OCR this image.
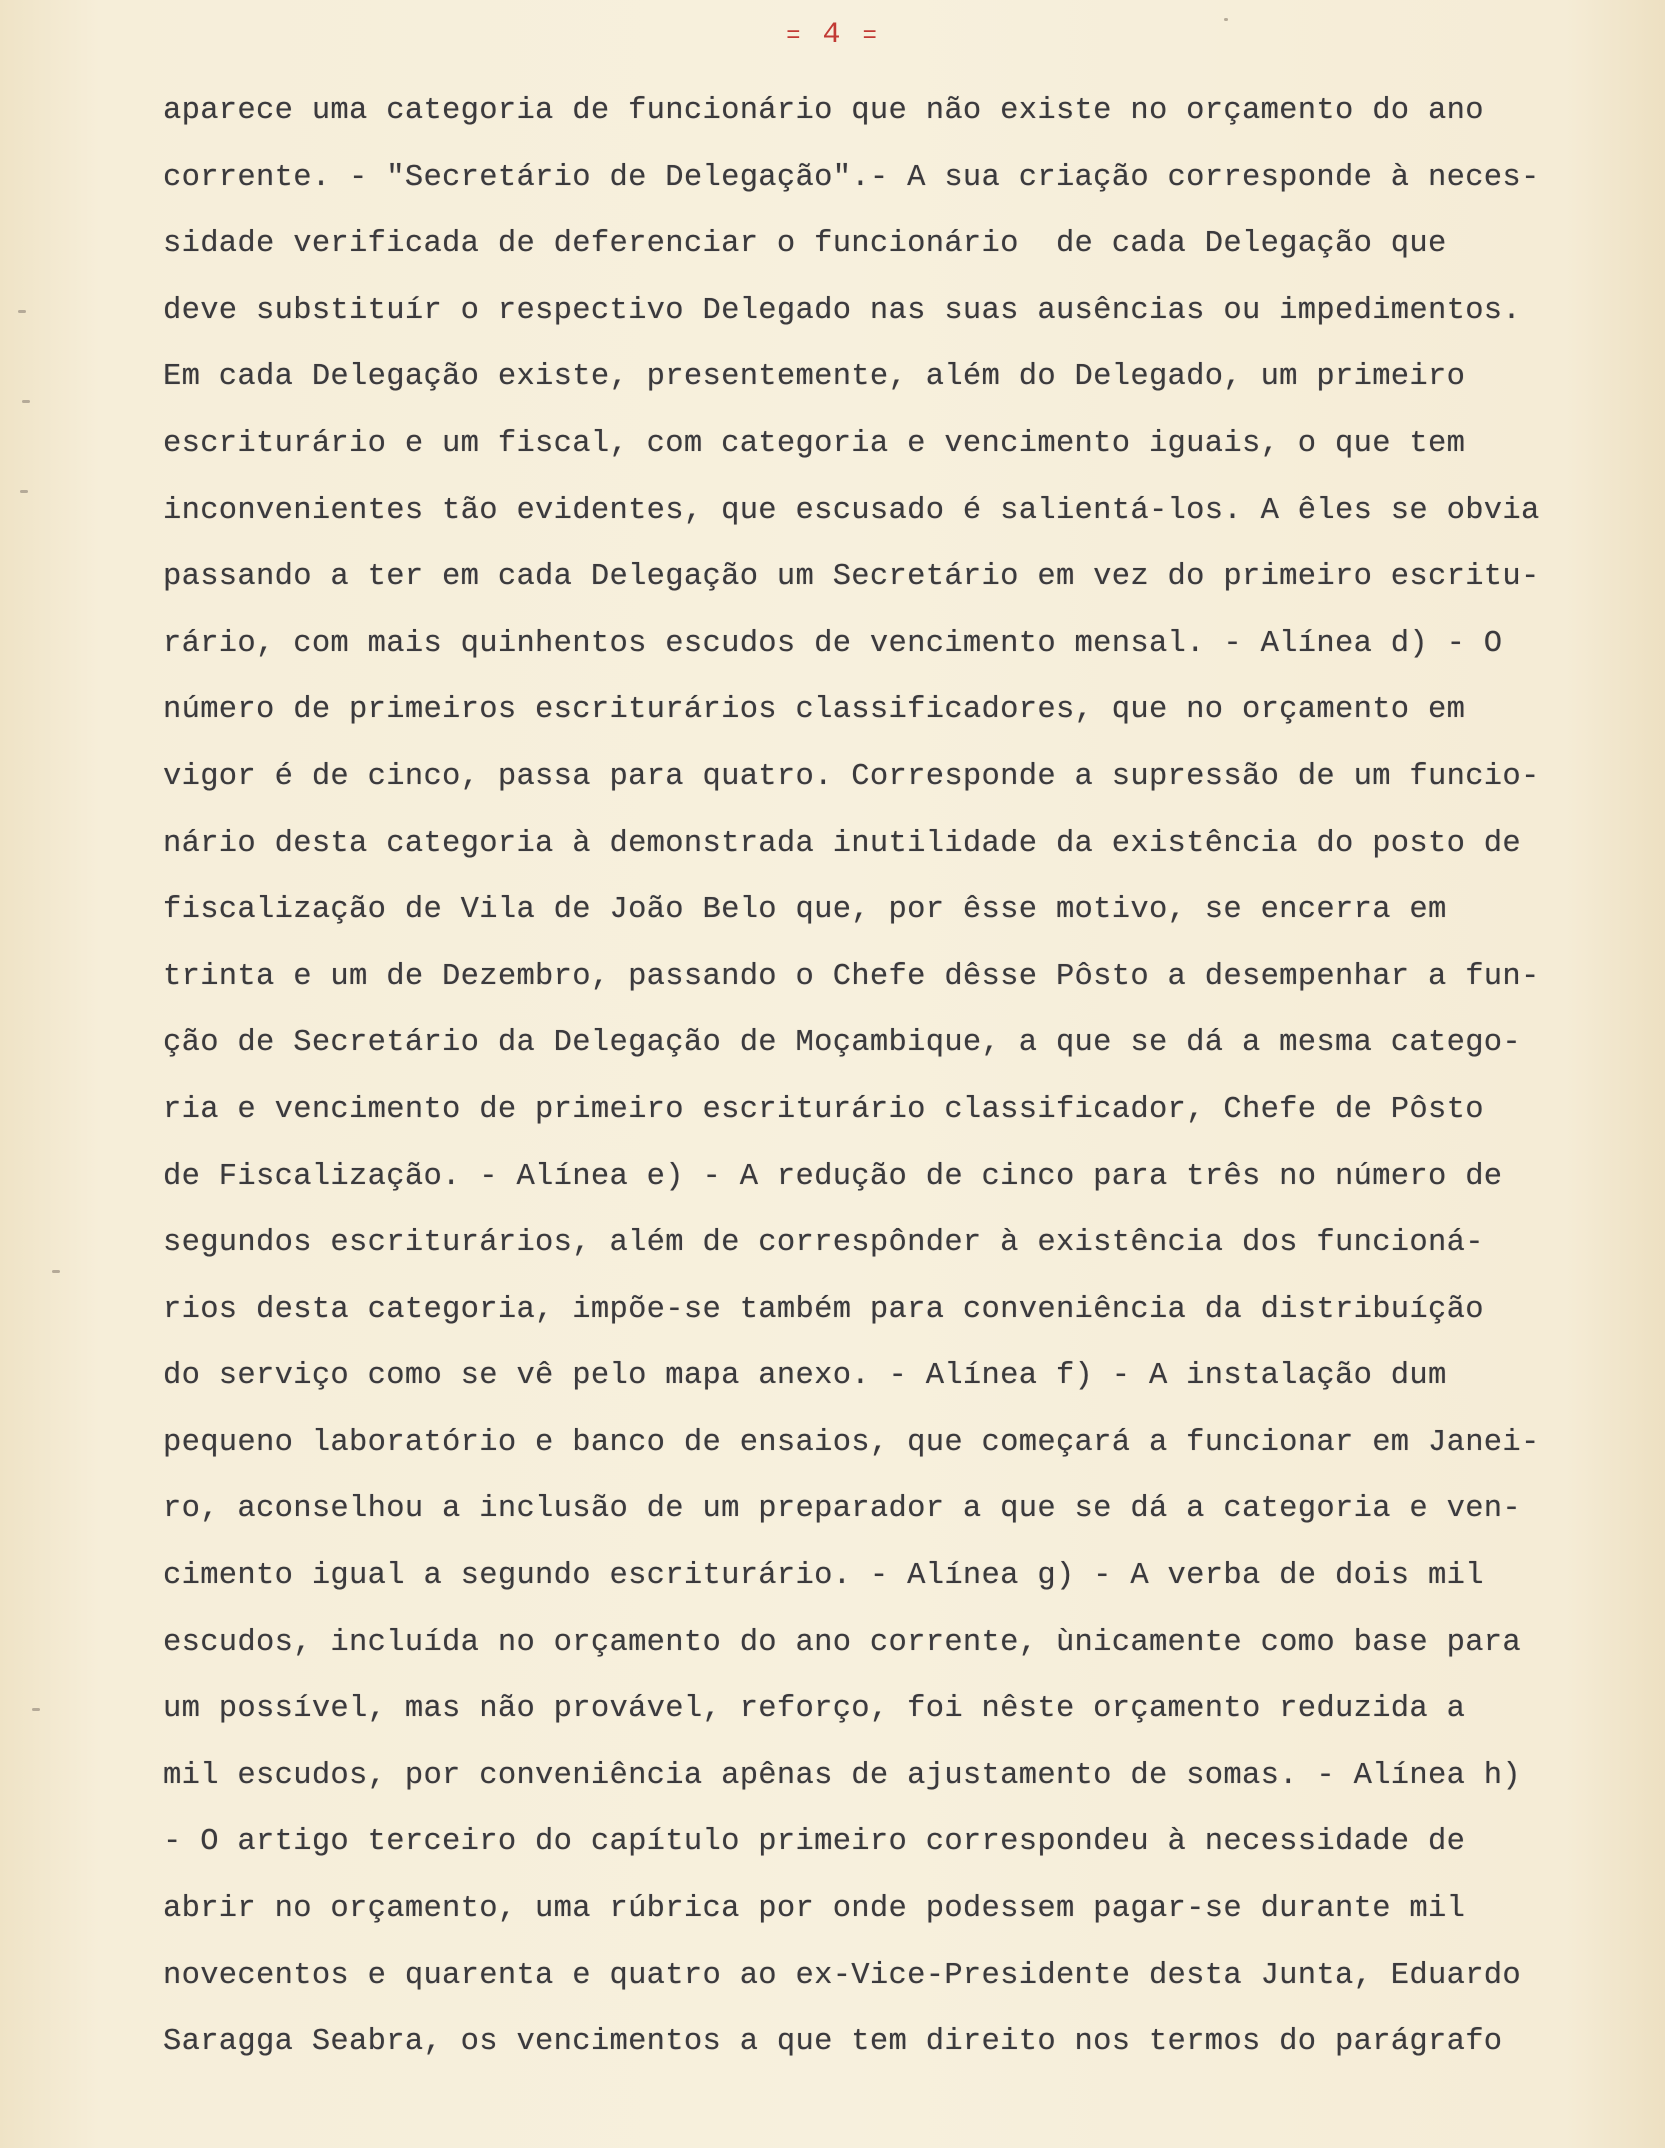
= 4 =
aparece uma categoria de funcionário que não existe no orçamento do ano
corrente. - "Secretário de Delegação".- A sua criação corresponde à neces-
sidade verificada de deferenciar o funcionário  de cada Delegação que
deve substituír o respectivo Delegado nas suas ausências ou impedimentos.
Em cada Delegação existe, presentemente, além do Delegado, um primeiro
escriturário e um fiscal, com categoria e vencimento iguais, o que tem
inconvenientes tão evidentes, que escusado é salientá-los. A êles se obvia
passando a ter em cada Delegação um Secretário em vez do primeiro escritu-
rário, com mais quinhentos escudos de vencimento mensal. - Alínea d) - O
número de primeiros escriturários classificadores, que no orçamento em
vigor é de cinco, passa para quatro. Corresponde a supressão de um funcio-
nário desta categoria à demonstrada inutilidade da existência do posto de
fiscalização de Vila de João Belo que, por êsse motivo, se encerra em
trinta e um de Dezembro, passando o Chefe dêsse Pôsto a desempenhar a fun-
ção de Secretário da Delegação de Moçambique, a que se dá a mesma catego-
ria e vencimento de primeiro escriturário classificador, Chefe de Pôsto
de Fiscalização. - Alínea e) - A redução de cinco para três no número de
segundos escriturários, além de correspônder à existência dos funcioná-
rios desta categoria, impõe-se também para conveniência da distribuíção
do serviço como se vê pelo mapa anexo. - Alínea f) - A instalação dum
pequeno laboratório e banco de ensaios, que começará a funcionar em Janei-
ro, aconselhou a inclusão de um preparador a que se dá a categoria e ven-
cimento igual a segundo escriturário. - Alínea g) - A verba de dois mil
escudos, incluída no orçamento do ano corrente, ùnicamente como base para
um possível, mas não provável, reforço, foi nêste orçamento reduzida a
mil escudos, por conveniência apênas de ajustamento de somas. - Alínea h)
- O artigo terceiro do capítulo primeiro correspondeu à necessidade de
abrir no orçamento, uma rúbrica por onde podessem pagar-se durante mil
novecentos e quarenta e quatro ao ex-Vice-Presidente desta Junta, Eduardo
Saragga Seabra, os vencimentos a que tem direito nos termos do parágrafo
